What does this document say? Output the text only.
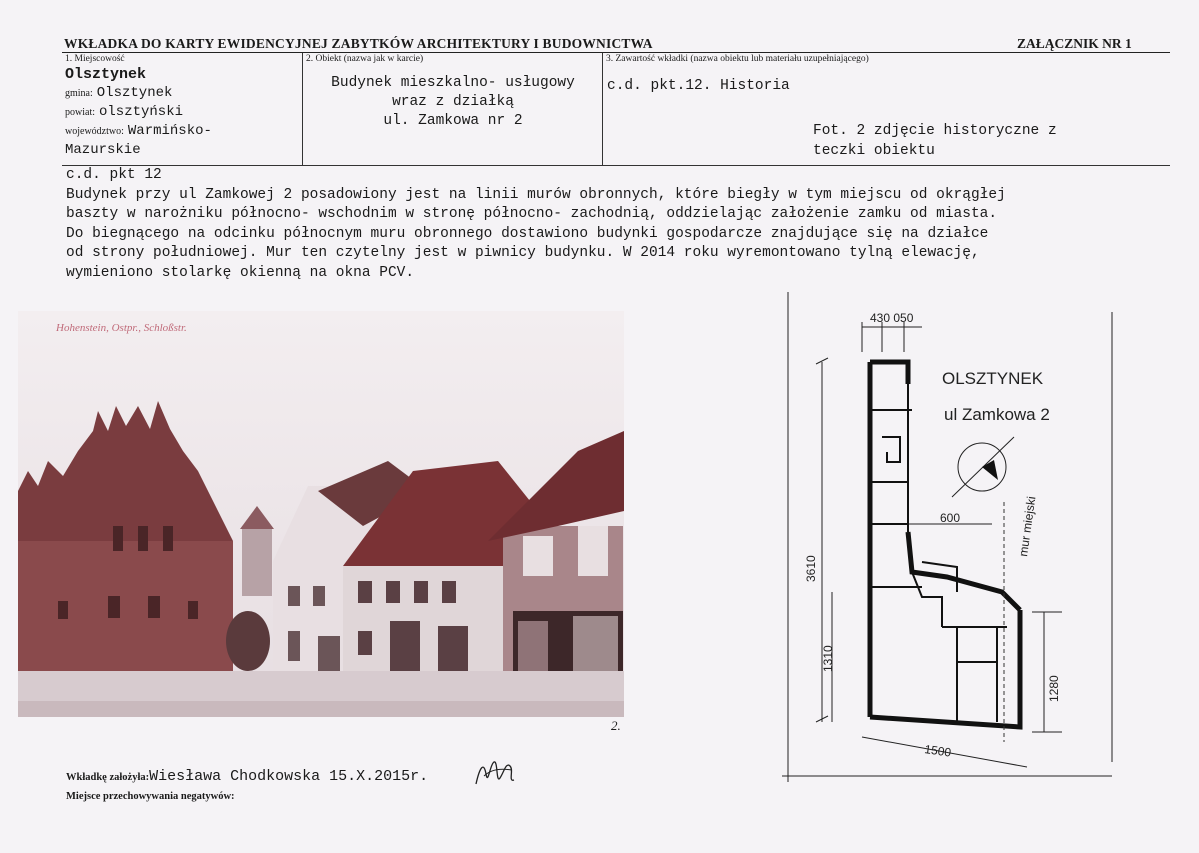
WKŁADKA DO KARTY EWIDENCYJNEJ ZABYTKÓW ARCHITEKTURY I BUDOWNICTWA	ZAŁĄCZNIK NR 1
1. Miejscowość
Olsztynek
gmina: Olsztynek
powiat: olsztyński
województwo: Warmińsko-
Mazurskie
2. Obiekt (nazwa jak w karcie)
Budynek mieszkalno- usługowy
wraz z działką
ul. Zamkowa nr 2
3. Zawartość wkładki (nazwa obiektu lub materiału uzupełniającego)
c.d. pkt.12. Historia
Fot. 2 zdjęcie historyczne z
teczki obiektu
c.d. pkt 12
Budynek przy ul Zamkowej 2 posadowiony jest na linii murów obronnych, które biegły w tym miejscu od okrągłej
baszty w narożniku północno- wschodnim w stronę północno- zachodnią, oddzielając założenie zamku od miasta.
Do biegnącego na odcinku północnym muru obronnego dostawiono budynki gospodarcze znajdujące się na działce
od strony południowej. Mur ten czytelny jest w piwnicy budynku. W 2014 roku wyremontowano tylną elewację,
wymieniono stolarkę okienną na okna PCV.
Hohenstein, Ostpr., Schloßstr.
2.
OLSZTYNEK
ul Zamkowa 2
430 050
600
3610
1310
1280
1500
mur miejski
Wkładkę założyła:Wiesława Chodkowska 15.X.2015r.
Miejsce przechowywania negatywów:
